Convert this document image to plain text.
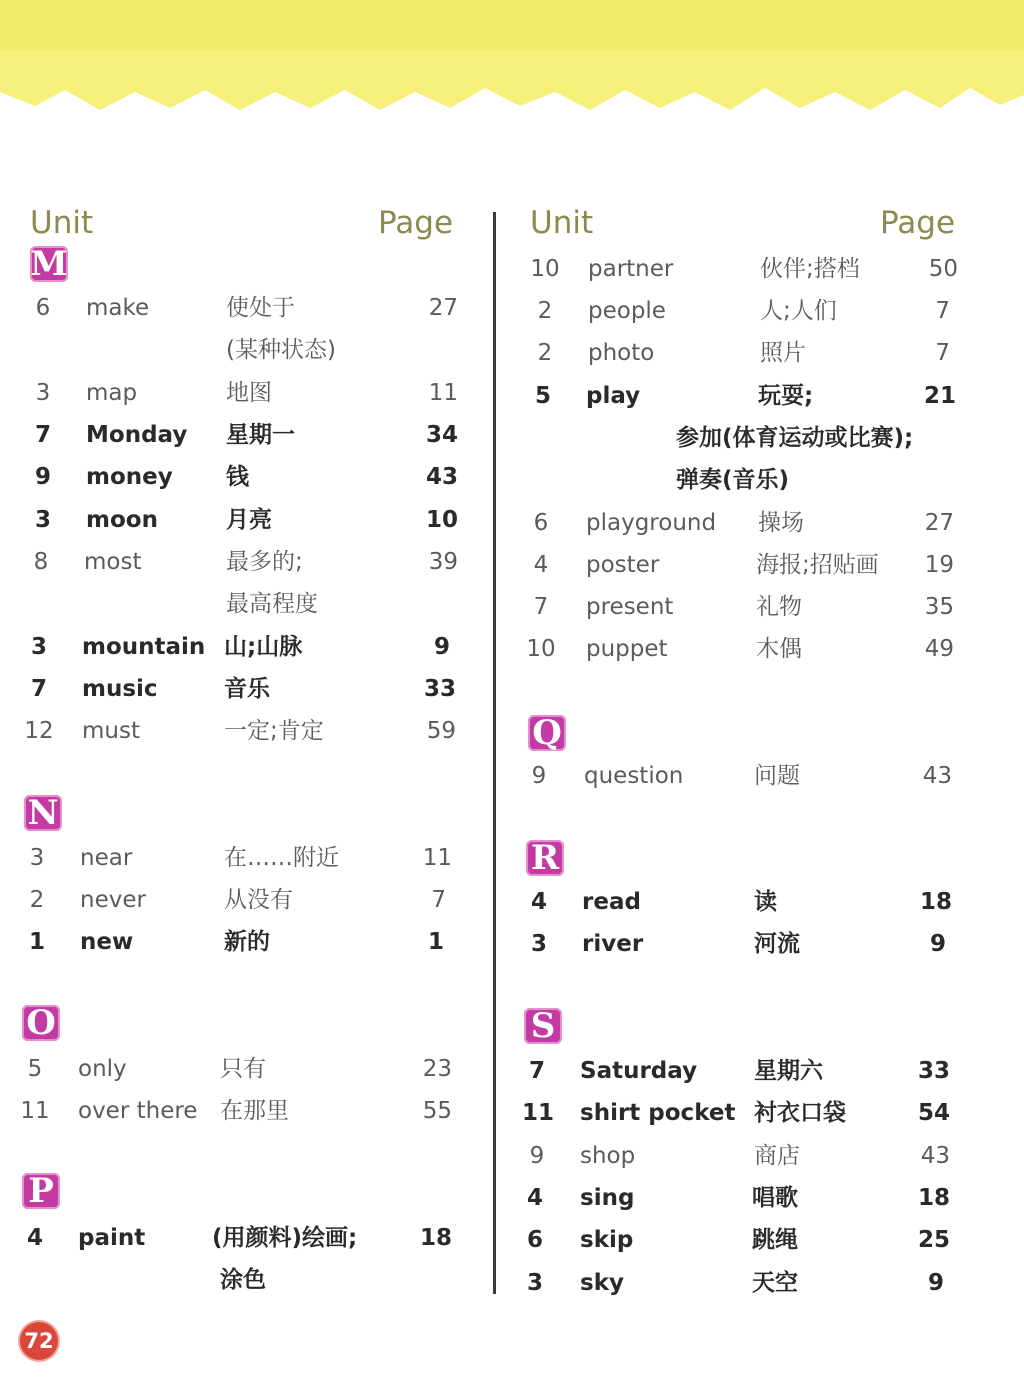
Unit	Page Unit	Page
M
6	make	使处于	27
(某种状态)
3	map	地图	11
7	Monday 星期一	34
9	money 钱	43
3	moon	月亮	10
8	most	最多的;	39
最高程度
3	mountain 山;山脉	9
7	music	音乐	33
12 must	一定;肯定	59
N
3	near	在……附近	11
2	never	从没有	7
1	new	新的	1
O
5	only	只有	23
11 over there 在那里	55
P
4	paint	(用颜料)绘画;	18
涂色
10 partner	伙伴;搭档	50
2	people	人;人们	7
2	photo	照片	7
5	play	玩耍;	21
参加(体育运动或比赛);
弹奏(音乐)
6	playground 操场	27
4	poster	海报;招贴画	19
7	present	礼物	35
10 puppet	木偶	49
Q
9	question	问题	43
R
4	read	读	18
3	river	河流	9
S
7	Saturday 星期六	33
11 shirt pocket 衬衣口袋	54
9	shop	商店	43
4	sing	唱歌	18
6	skip	跳绳	25
3	sky	天空	9
72
